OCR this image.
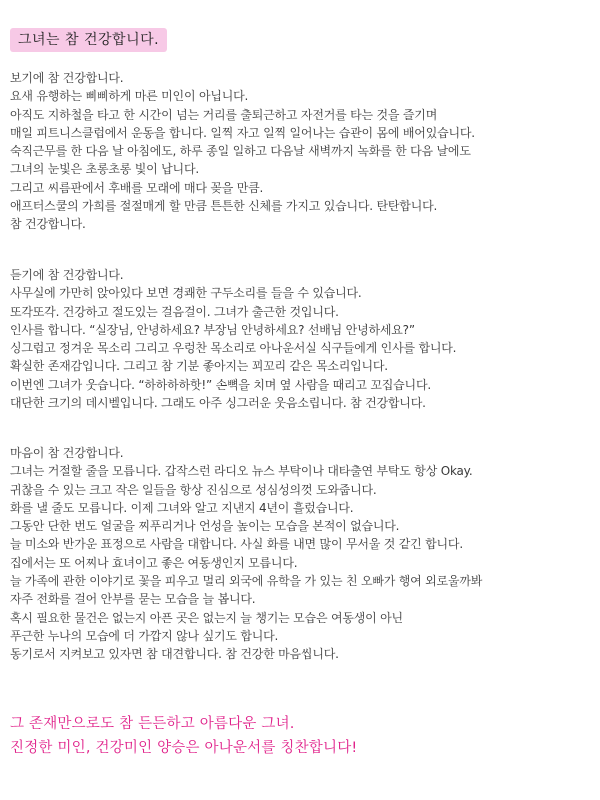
그녀는 참 건강합니다.
보기에 참 건강합니다.
요새 유행하는 삐삐하게 마른 미인이 아닙니다.
아직도 지하철을 타고 한 시간이 넘는 거리를 출퇴근하고 자전거를 타는 것을 즐기며
매일 피트니스클럽에서 운동을 합니다. 일찍 자고 일찍 일어나는 습관이 몸에 배어있습니다.
숙직근무를 한 다음 날 아침에도, 하루 종일 일하고 다음날 새벽까지 녹화를 한 다음 날에도
그녀의 눈빛은 초롱초롱 빛이 납니다.
그리고 씨름판에서 후배를 모래에 매다 꽂을 만큼.
애프터스쿨의 가희를 절절매게 할 만큼 튼튼한 신체를 가지고 있습니다. 탄탄합니다.
참 건강합니다.
듣기에 참 건강합니다.
사무실에 가만히 앉아있다 보면 경쾌한 구두소리를 들을 수 있습니다.
또각또각. 건강하고 절도있는 걸음걸이. 그녀가 출근한 것입니다.
인사를 합니다. “실장님, 안녕하세요? 부장님 안녕하세요? 선배님 안녕하세요?”
싱그럽고 정겨운 목소리 그리고 우렁찬 목소리로 아나운서실 식구들에게 인사를 합니다.
확실한 존재감입니다. 그리고 참 기분 좋아지는 꾀꼬리 같은 목소리입니다.
이번엔 그녀가 웃습니다. “하하하하핫!” 손뼉을 치며 옆 사람을 때리고 꼬집습니다.
대단한 크기의 데시벨입니다. 그래도 아주 싱그러운 웃음소립니다. 참 건강합니다.
마음이 참 건강합니다.
그녀는 거절할 줄을 모릅니다. 갑작스런 라디오 뉴스 부탁이나 대타출연 부탁도 항상 Okay.
귀찮을 수 있는 크고 작은 일들을 항상 진심으로 성심성의껏 도와줍니다.
화를 낼 줄도 모릅니다. 이제 그녀와 알고 지낸지 4년이 흘렀습니다.
그동안 단한 번도 얼굴을 찌푸리거나 언성을 높이는 모습을 본적이 없습니다.
늘 미소와 반가운 표정으로 사람을 대합니다. 사실 화를 내면 많이 무서울 것 같긴 합니다.
집에서는 또 어찌나 효녀이고 좋은 여동생인지 모릅니다.
늘 가족에 관한 이야기로 꽃을 피우고 멀리 외국에 유학을 가 있는 친 오빠가 행여 외로울까봐
자주 전화를 걸어 안부를 묻는 모습을 늘 봅니다.
혹시 필요한 물건은 없는지 아픈 곳은 없는지 늘 챙기는 모습은 여동생이 아닌
푸근한 누나의 모습에 더 가깝지 않나 싶기도 합니다.
동기로서 지켜보고 있자면 참 대견합니다. 참 건강한 마음씹니다.
그 존재만으로도 참 든든하고 아름다운 그녀.
진정한 미인, 건강미인 양승은 아나운서를 칭찬합니다!
